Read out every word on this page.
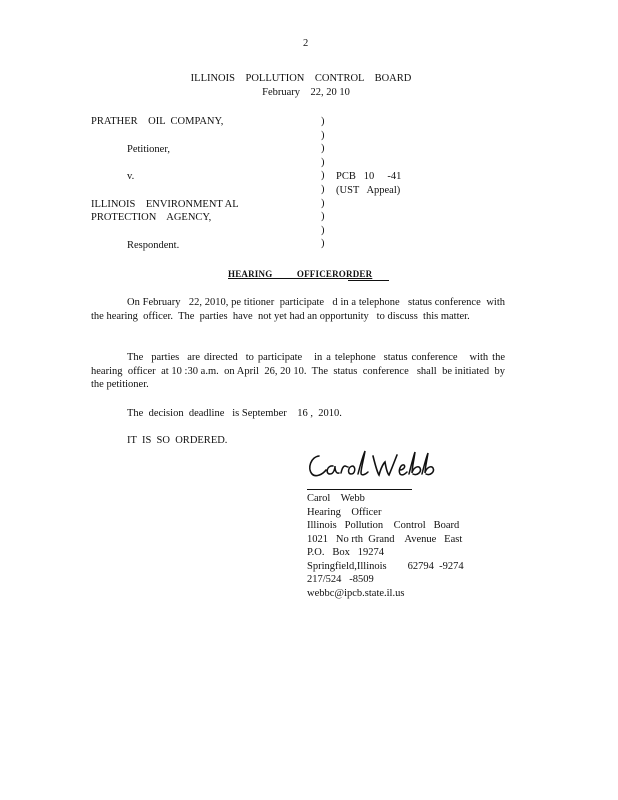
2
ILLINOIS    POLLUTION    CONTROL    BOARD
February    22, 20 10
PRATHER    OIL  COMPANY,
Petitioner,
v.
ILLINOIS    ENVIRONMENT AL
PROTECTION    AGENCY,
Respondent.
)
)
)
)
)
)
)
)
)
)
PCB   10     -41
(UST   Appeal)
HEARING          OFFICERORDER
On February   22, 2010, pe titioner  participate   d in a telephone   status conference  with the hearing  officer.  The  parties  have  not yet had an opportunity   to discuss  this matter.
The  parties  are directed  to participate   in a telephone  status conference   with the hearing  officer  at 10 :30 a.m.  on April  26, 20 10.  The  status  conference   shall  be initiated  by the petitioner.
The  decision  deadline   is September    16 ,  2010.
IT  IS  SO  ORDERED.
Carol    Webb
Hearing    Officer
Illinois   Pollution    Control   Board
1021   No rth  Grand    Avenue   East
P.O.   Box   19274
Springfield,Illinois        62794  -9274
217/524   -8509
webbc@ipcb.state.il.us
